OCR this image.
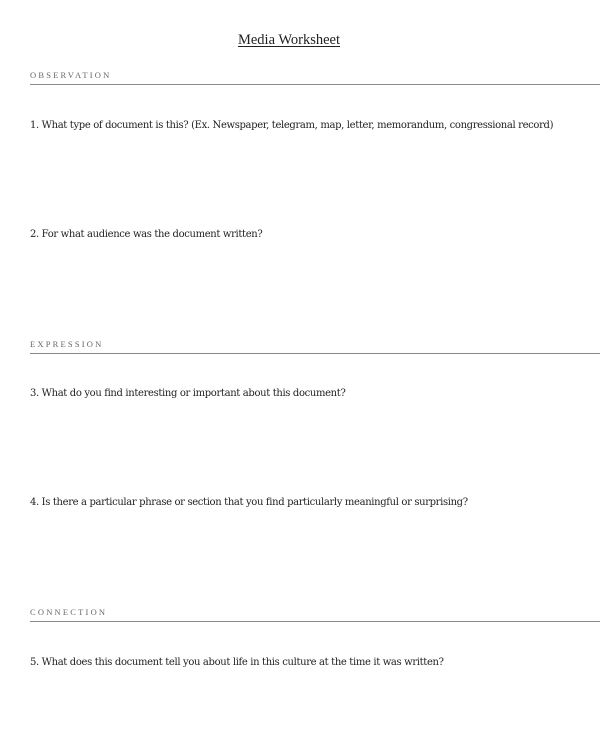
Media Worksheet
OBSERVATION
1. What type of document is this? (Ex. Newspaper, telegram, map, letter, memorandum, congressional record)
2. For what audience was the document written?
EXPRESSION
3. What do you find interesting or important about this document?
4. Is there a particular phrase or section that you find particularly meaningful or surprising?
CONNECTION
5. What does this document tell you about life in this culture at the time it was written?
